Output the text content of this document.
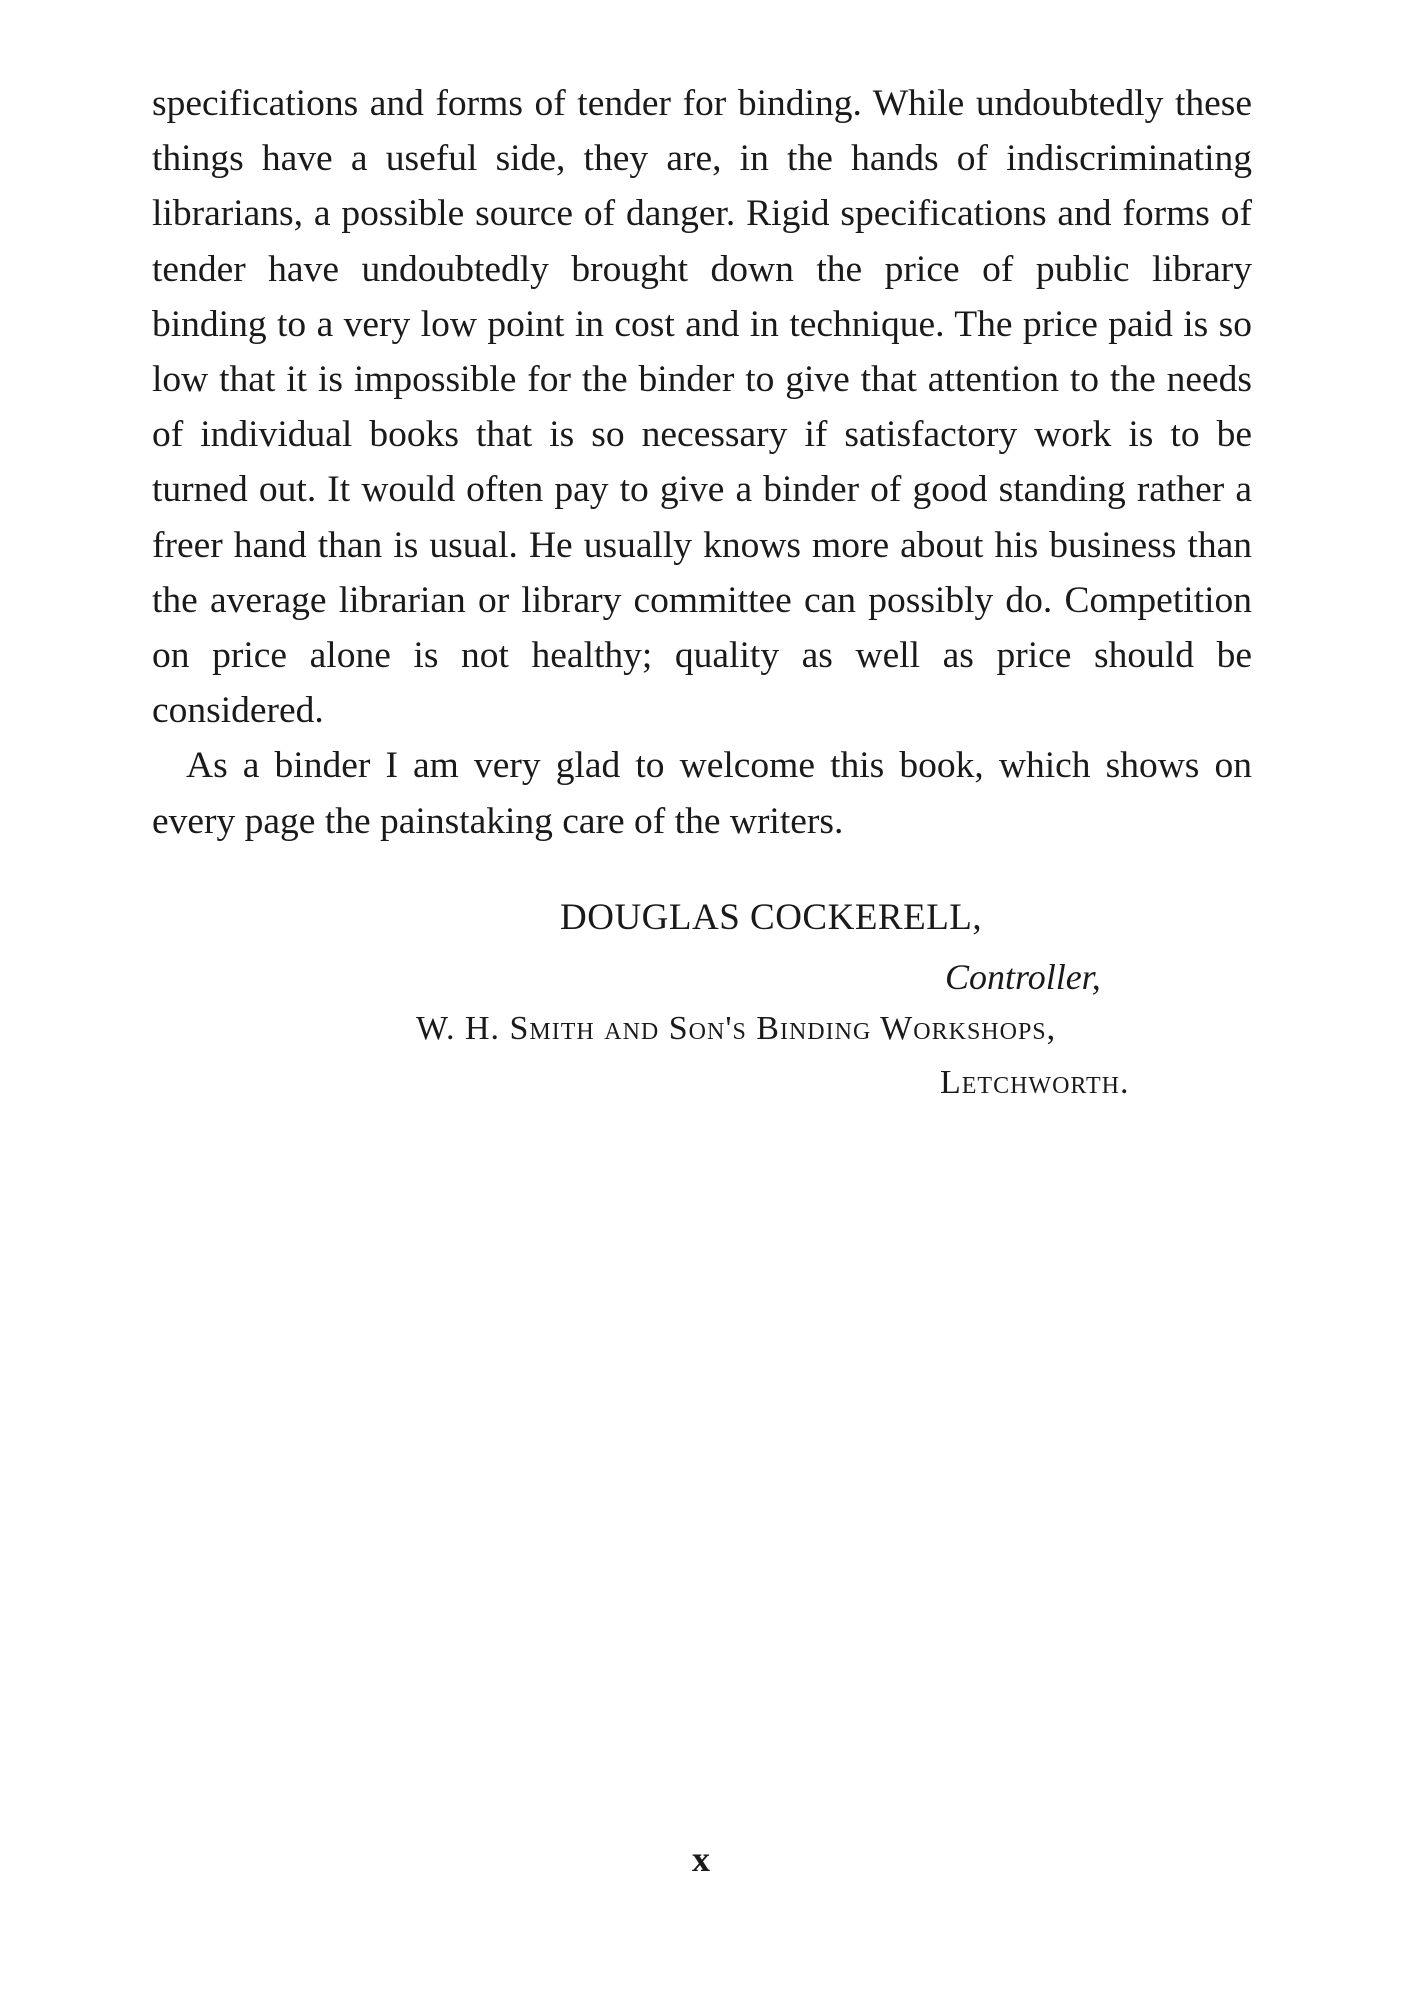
specifications and forms of tender for binding. While undoubtedly these things have a useful side, they are, in the hands of indiscriminating librarians, a possible source of danger. Rigid specifications and forms of tender have undoubtedly brought down the price of public library binding to a very low point in cost and in technique. The price paid is so low that it is impossible for the binder to give that attention to the needs of individual books that is so necessary if satisfactory work is to be turned out. It would often pay to give a binder of good standing rather a freer hand than is usual. He usually knows more about his business than the average librarian or library committee can possibly do. Competition on price alone is not healthy; quality as well as price should be considered.

As a binder I am very glad to welcome this book, which shows on every page the painstaking care of the writers.

DOUGLAS COCKERELL,

Controller,

W. H. Smith and Son's Binding Workshops,

Letchworth.

x
